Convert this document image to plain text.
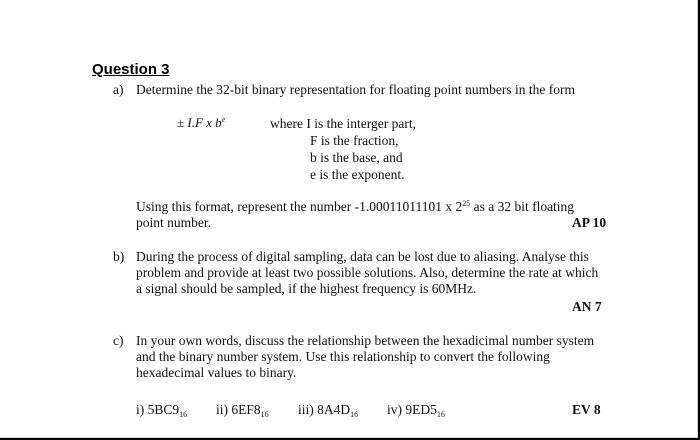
Question 3
a) Determine the 32-bit binary representation for floating point numbers in the form
± I.F x $b^e$	where I is the interger part,
F is the fraction,
b is the base, and
e is the exponent.
Using this format, represent the number -1.00011011101 x $2^{25}$ as a 32 bit floating
point number.	AP 10
b) During the process of digital sampling, data can be lost due to aliasing. Analyse this
problem and provide at least two possible solutions. Also, determine the rate at which
a signal should be sampled, if the highest frequency is 60MHz.
AN 7
c) In your own words, discuss the relationship between the hexadicimal number system
and the binary number system. Use this relationship to convert the following
hexadecimal values to binary.
i) $5BC9_{16}$ ii) $6EF8_{16}$ iii) $8A4D_{16}$ iv) $9ED5_{16}$	EV 8
